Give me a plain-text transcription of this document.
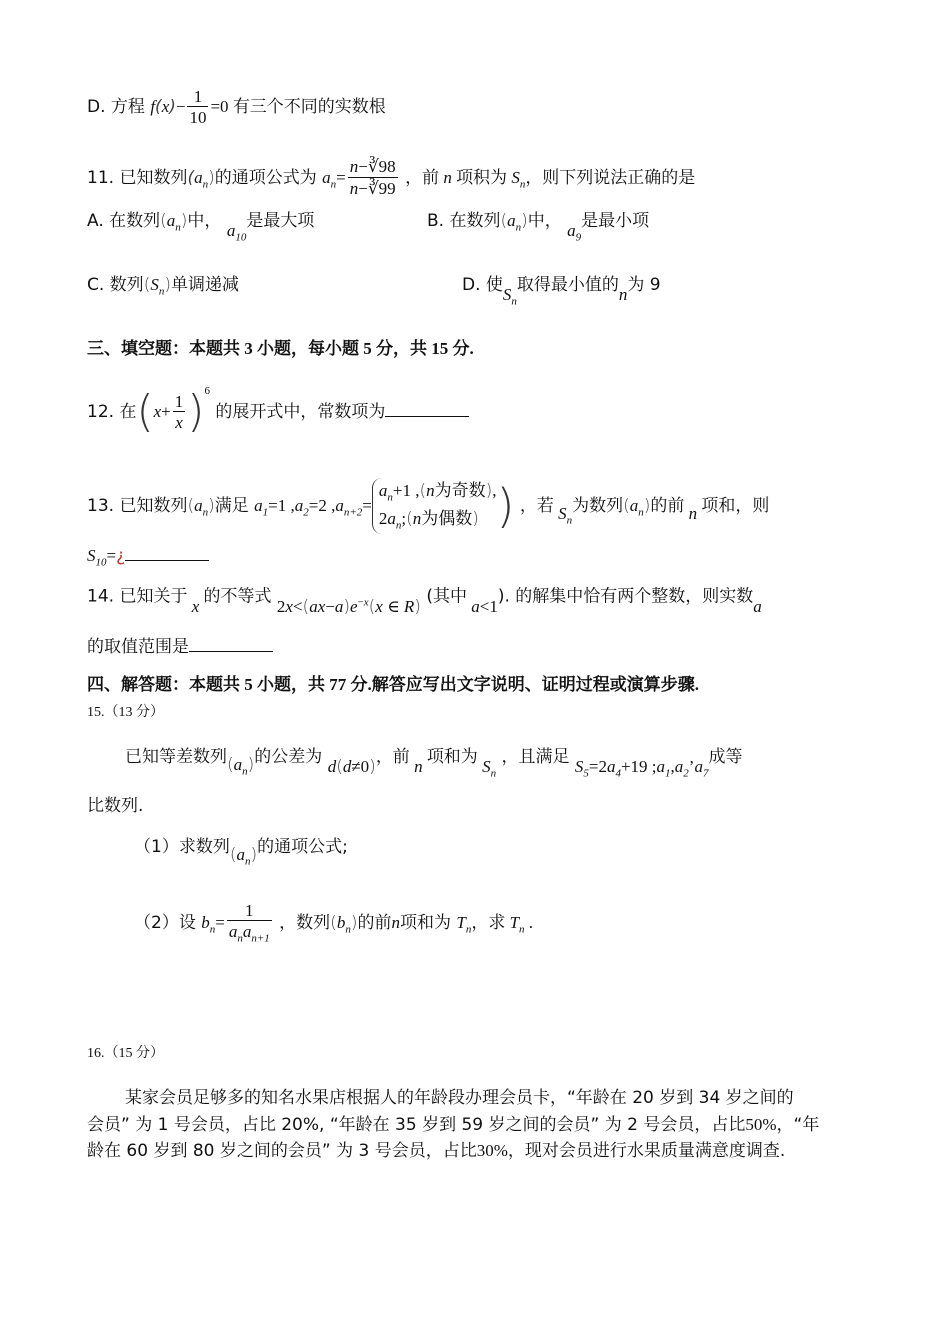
D. 方程 $f(x)- \frac{1}{10} =0$ 有三个不同的实数根
11. 已知数列$(a_n)$的通项公式为 $a_n= \frac{n-∛98}{n-∛99}$ ，前 n 项积为 $S_n$，则下列说法正确的是
A. 在数列$(a_n)$中， $a_{10}$是最大项	B. 在数列$(a_n)$中， $a_9$是最小项
C. 数列$(S_n)$单调递减	D. 使$S_n$取得最小值的n为 9
三、填空题：本题共 3 小题，每小题 5 分，共 15 分.
12. 在$(x+ \frac{1}{x} )^6$ 的展开式中，常数项为
13. 已知数列$(a_n)$满足 $a_1=1$ $,a_2=2$ $,a_{n+2}=a_n+1$ ,(n为奇数),
$2a_n;(n$为偶数) ) ，若 $S_n$为数列$(a_n)$的前 n 项和，则
$S_{10}=¿$
14. 已知关于 x 的不等式 $2x<(ax-a)e^{-x}(x$ ∈ R) (其中 a<1). 的解集中恰有两个整数，则实数a
的取值范围是
四、解答题：本题共 5 小题，共 77 分.解答应写出文字说明、证明过程或演算步骤.
15.（13 分）
已知等差数列$(a_n)$的公差为 d(d≠0)，前 n 项和为 $S_n$ ，且满足 $S_5=2a_4+19$ $;a_1,a_2’a_7$成等
比数列.
（1）求数列$(a_n)$的通项公式;
（2）设 $b_n= \frac{1}{a_na_{n+1}}$ ，数列$(b_n)$的前n项和为 $T_n$，求 $T_n$ .
16.（15 分）
某家会员足够多的知名水果店根据人的年龄段办理会员卡，“年龄在 20 岁到 34 岁之间的
会员” 为 1 号会员，占比 20%, “年龄在 35 岁到 59 岁之间的会员” 为 2 号会员，占比50%，“年
龄在 60 岁到 80 岁之间的会员” 为 3 号会员，占比30%，现对会员进行水果质量满意度调查.
